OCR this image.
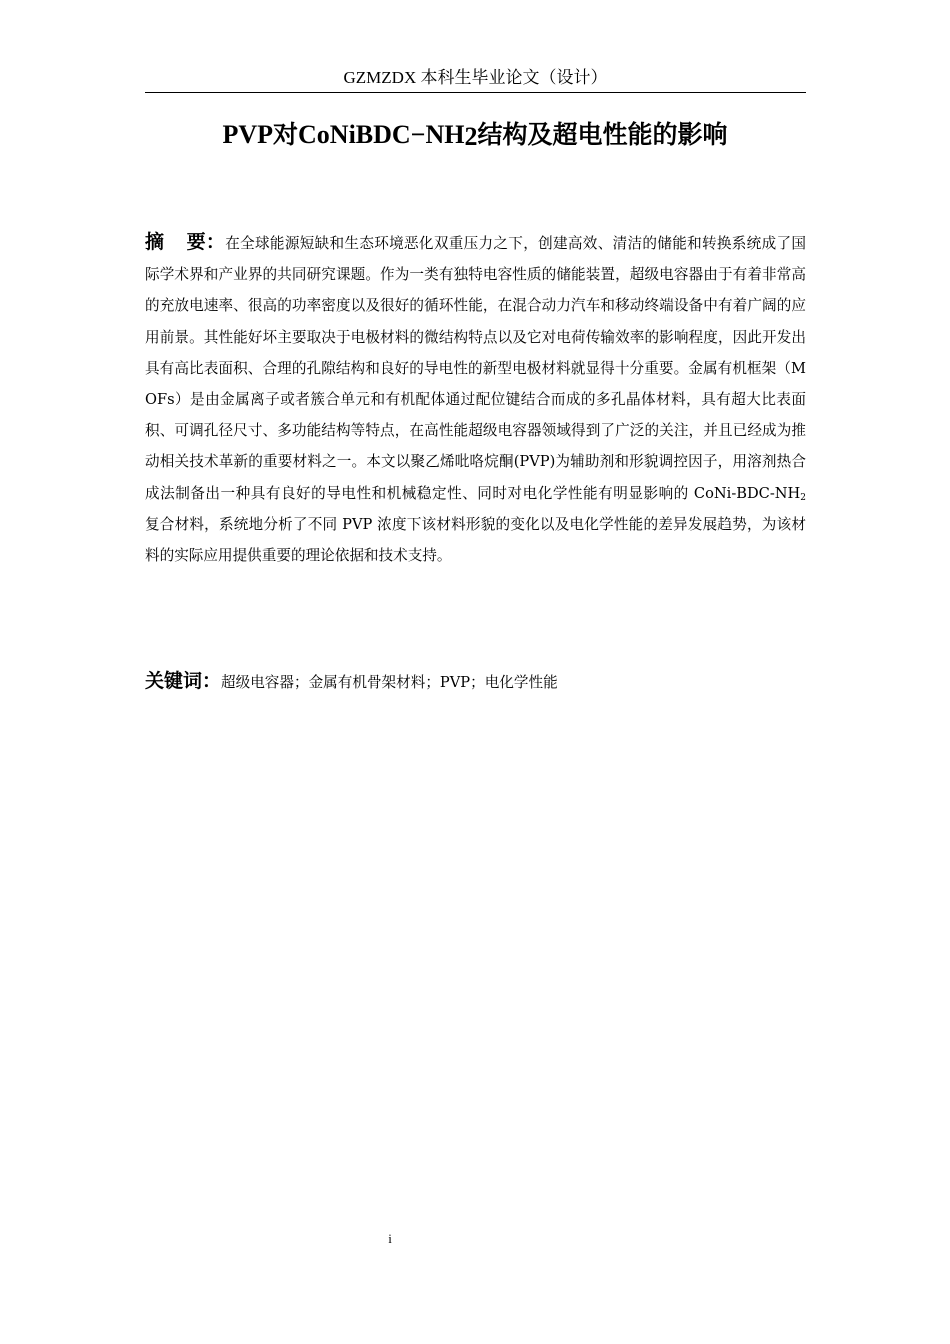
GZMZDX 本科生毕业论文（设计）
PVP对$CoNiBDC-NH_2$结构及超电性能的影响
摘 要：在全球能源短缺和生态环境恶化双重压力之下，创建高效、清洁的储能和转换系统成了国际学术界和产业界的共同研究课题。作为一类有独特电容性质的储能装置，超级电容器由于有着非常高的充放电速率、很高的功率密度以及很好的循环性能，在混合动力汽车和移动终端设备中有着广阔的应用前景。其性能好坏主要取决于电极材料的微结构特点以及它对电荷传输效率的影响程度，因此开发出具有高比表面积、合理的孔隙结构和良好的导电性的新型电极材料就显得十分重要。金属有机框架（MOFs）是由金属离子或者簇合单元和有机配体通过配位键结合而成的多孔晶体材料，具有超大比表面积、可调孔径尺寸、多功能结构等特点，在高性能超级电容器领域得到了广泛的关注，并且已经成为推动相关技术革新的重要材料之一。本文以聚乙烯吡咯烷酮(PVP)为辅助剂和形貌调控因子，用溶剂热合成法制备出一种具有良好的导电性和机械稳定性、同时对电化学性能有明显影响的 CoNi-$BDC-NH_2$ 复合材料，系统地分析了不同 PVP 浓度下该材料形貌的变化以及电化学性能的差异发展趋势，为该材料的实际应用提供重要的理论依据和技术支持。
关键词：超级电容器；金属有机骨架材料；PVP；电化学性能
i
